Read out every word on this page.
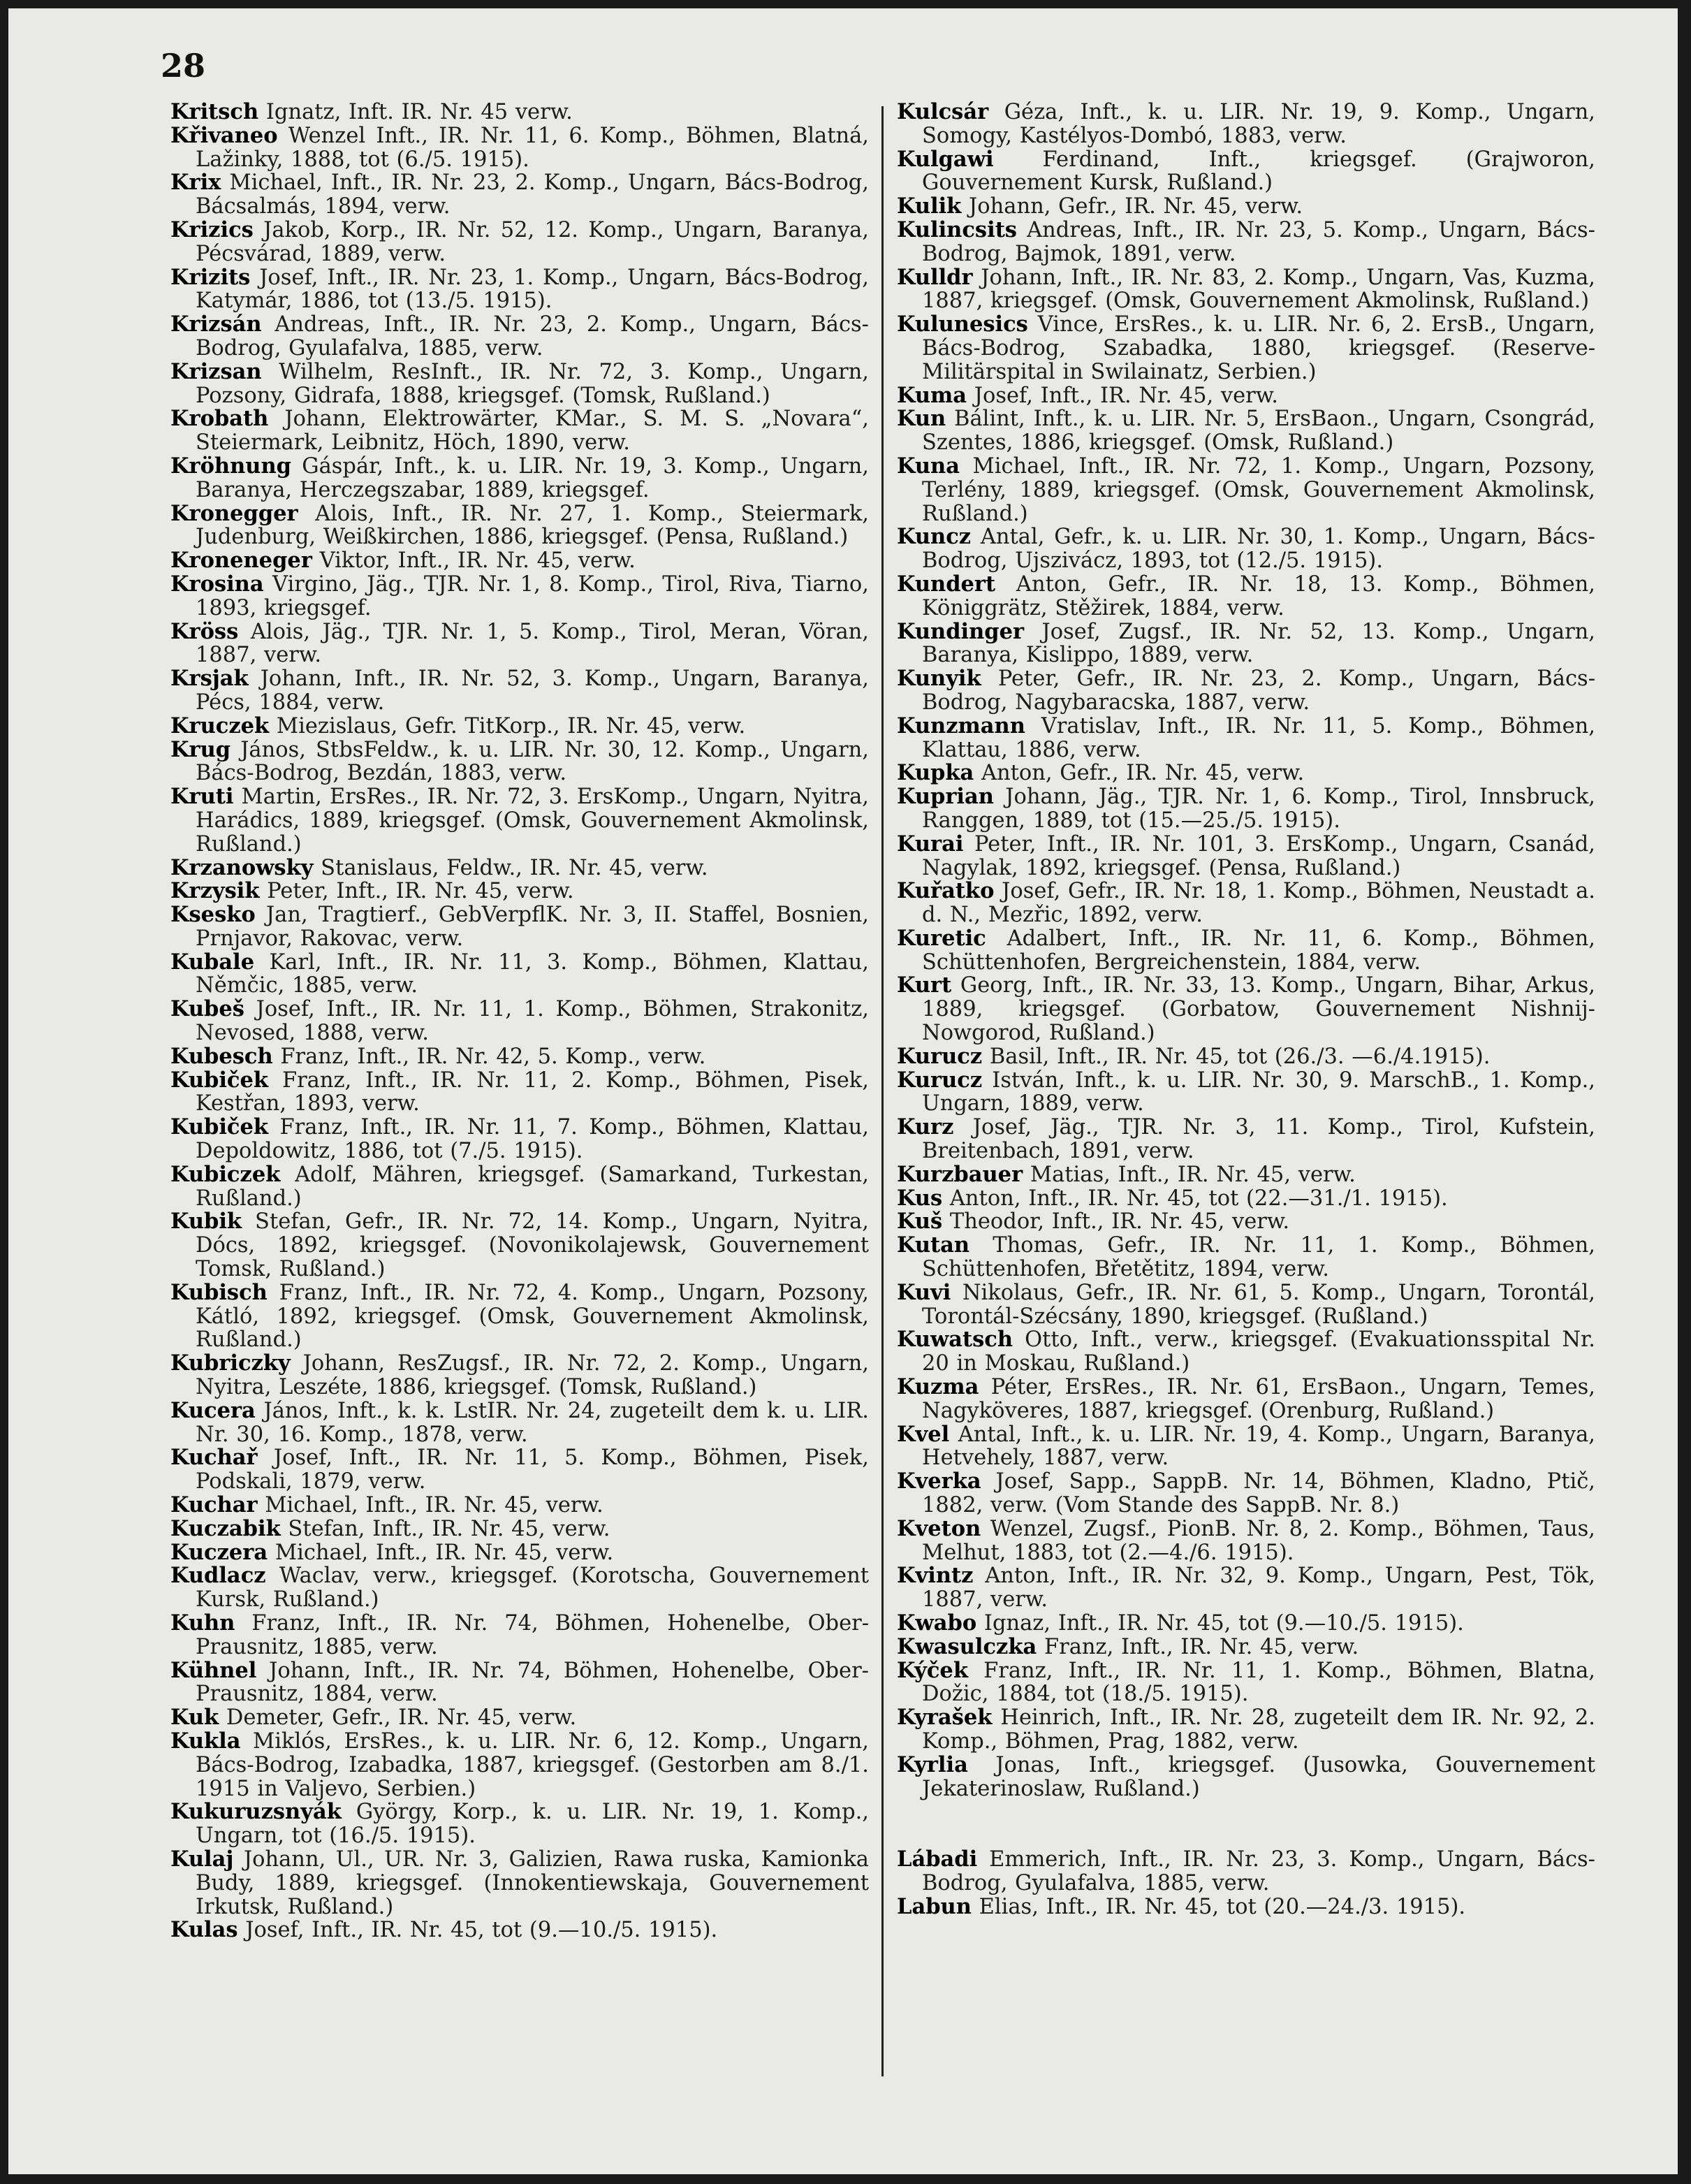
28
Kritsch Ignatz, Inft. IR. Nr. 45 verw.
Křivaneo Wenzel Inft., IR. Nr. 11, 6. Komp., Böhmen, Blatná, Lažinky, 1888, tot (6./5. 1915).
Krix Michael, Inft., IR. Nr. 23, 2. Komp., Ungarn, Bács-Bodrog, Bácsalmás, 1894, verw.
Krizics Jakob, Korp., IR. Nr. 52, 12. Komp., Ungarn, Baranya, Pécsvárad, 1889, verw.
Krizits Josef, Inft., IR. Nr. 23, 1. Komp., Ungarn, Bács-Bodrog, Katymár, 1886, tot (13./5. 1915).
Krizsán Andreas, Inft., IR. Nr. 23, 2. Komp., Ungarn, Bács-Bodrog, Gyulafalva, 1885, verw.
Krizsan Wilhelm, ResInft., IR. Nr. 72, 3. Komp., Ungarn, Pozsony, Gidrafa, 1888, kriegsgef. (Tomsk, Rußland.)
Krobath Johann, Elektrowärter, KMar., S. M. S. „Novara“, Steiermark, Leibnitz, Höch, 1890, verw.
Kröhnung Gáspár, Inft., k. u. LIR. Nr. 19, 3. Komp., Ungarn, Baranya, Herczegszabar, 1889, kriegsgef.
Kronegger Alois, Inft., IR. Nr. 27, 1. Komp., Steiermark, Judenburg, Weißkirchen, 1886, kriegsgef. (Pensa, Rußland.)
Kroneneger Viktor, Inft., IR. Nr. 45, verw.
Krosina Virgino, Jäg., TJR. Nr. 1, 8. Komp., Tirol, Riva, Tiarno, 1893, kriegsgef.
Kröss Alois, Jäg., TJR. Nr. 1, 5. Komp., Tirol, Meran, Vöran, 1887, verw.
Krsjak Johann, Inft., IR. Nr. 52, 3. Komp., Ungarn, Baranya, Pécs, 1884, verw.
Kruczek Miezislaus, Gefr. TitKorp., IR. Nr. 45, verw.
Krug János, StbsFeldw., k. u. LIR. Nr. 30, 12. Komp., Ungarn, Bács-Bodrog, Bezdán, 1883, verw.
Kruti Martin, ErsRes., IR. Nr. 72, 3. ErsKomp., Ungarn, Nyitra, Harádics, 1889, kriegsgef. (Omsk, Gouvernement Akmolinsk, Rußland.)
Krzanowsky Stanislaus, Feldw., IR. Nr. 45, verw.
Krzysik Peter, Inft., IR. Nr. 45, verw.
Ksesko Jan, Tragtierf., GebVerpflK. Nr. 3, II. Staffel, Bosnien, Prnjavor, Rakovac, verw.
Kubale Karl, Inft., IR. Nr. 11, 3. Komp., Böhmen, Klattau, Němčic, 1885, verw.
Kubeš Josef, Inft., IR. Nr. 11, 1. Komp., Böhmen, Strakonitz, Nevosed, 1888, verw.
Kubesch Franz, Inft., IR. Nr. 42, 5. Komp., verw.
Kubiček Franz, Inft., IR. Nr. 11, 2. Komp., Böhmen, Pisek, Kestřan, 1893, verw.
Kubiček Franz, Inft., IR. Nr. 11, 7. Komp., Böhmen, Klattau, Depoldowitz, 1886, tot (7./5. 1915).
Kubiczek Adolf, Mähren, kriegsgef. (Samarkand, Turkestan, Rußland.)
Kubik Stefan, Gefr., IR. Nr. 72, 14. Komp., Ungarn, Nyitra, Dócs, 1892, kriegsgef. (Novonikolajewsk, Gouvernement Tomsk, Rußland.)
Kubisch Franz, Inft., IR. Nr. 72, 4. Komp., Ungarn, Pozsony, Kátló, 1892, kriegsgef. (Omsk, Gouvernement Akmolinsk, Rußland.)
Kubriczky Johann, ResZugsf., IR. Nr. 72, 2. Komp., Ungarn, Nyitra, Leszéte, 1886, kriegsgef. (Tomsk, Rußland.)
Kucera János, Inft., k. k. LstIR. Nr. 24, zugeteilt dem k. u. LIR. Nr. 30, 16. Komp., 1878, verw.
Kuchař Josef, Inft., IR. Nr. 11, 5. Komp., Böhmen, Pisek, Podskali, 1879, verw.
Kuchar Michael, Inft., IR. Nr. 45, verw.
Kuczabik Stefan, Inft., IR. Nr. 45, verw.
Kuczera Michael, Inft., IR. Nr. 45, verw.
Kudlacz Waclav, verw., kriegsgef. (Korotscha, Gouvernement Kursk, Rußland.)
Kuhn Franz, Inft., IR. Nr. 74, Böhmen, Hohenelbe, Ober-Prausnitz, 1885, verw.
Kühnel Johann, Inft., IR. Nr. 74, Böhmen, Hohenelbe, Ober-Prausnitz, 1884, verw.
Kuk Demeter, Gefr., IR. Nr. 45, verw.
Kukla Miklós, ErsRes., k. u. LIR. Nr. 6, 12. Komp., Ungarn, Bács-Bodrog, Izabadka, 1887, kriegsgef. (Gestorben am 8./1. 1915 in Valjevo, Serbien.)
Kukuruzsnyák György, Korp., k. u. LIR. Nr. 19, 1. Komp., Ungarn, tot (16./5. 1915).
Kulaj Johann, Ul., UR. Nr. 3, Galizien, Rawa ruska, Kamionka Budy, 1889, kriegsgef. (Innokentiewskaja, Gouvernement Irkutsk, Rußland.)
Kulas Josef, Inft., IR. Nr. 45, tot (9.—10./5. 1915).
Kulcsár Géza, Inft., k. u. LIR. Nr. 19, 9. Komp., Ungarn, Somogy, Kastélyos-Dombó, 1883, verw.
Kulgawi Ferdinand, Inft., kriegsgef. (Grajworon, Gouvernement Kursk, Rußland.)
Kulik Johann, Gefr., IR. Nr. 45, verw.
Kulincsits Andreas, Inft., IR. Nr. 23, 5. Komp., Ungarn, Bács-Bodrog, Bajmok, 1891, verw.
Kulldr Johann, Inft., IR. Nr. 83, 2. Komp., Ungarn, Vas, Kuzma, 1887, kriegsgef. (Omsk, Gouvernement Akmolinsk, Rußland.)
Kulunesics Vince, ErsRes., k. u. LIR. Nr. 6, 2. ErsB., Ungarn, Bács-Bodrog, Szabadka, 1880, kriegsgef. (Reserve-Militärspital in Swilainatz, Serbien.)
Kuma Josef, Inft., IR. Nr. 45, verw.
Kun Bálint, Inft., k. u. LIR. Nr. 5, ErsBaon., Ungarn, Csongrád, Szentes, 1886, kriegsgef. (Omsk, Rußland.)
Kuna Michael, Inft., IR. Nr. 72, 1. Komp., Ungarn, Pozsony, Terlény, 1889, kriegsgef. (Omsk, Gouvernement Akmolinsk, Rußland.)
Kuncz Antal, Gefr., k. u. LIR. Nr. 30, 1. Komp., Ungarn, Bács-Bodrog, Ujszivácz, 1893, tot (12./5. 1915).
Kundert Anton, Gefr., IR. Nr. 18, 13. Komp., Böhmen, Königgrätz, Stěžirek, 1884, verw.
Kundinger Josef, Zugsf., IR. Nr. 52, 13. Komp., Ungarn, Baranya, Kislippo, 1889, verw.
Kunyik Peter, Gefr., IR. Nr. 23, 2. Komp., Ungarn, Bács-Bodrog, Nagybaracska, 1887, verw.
Kunzmann Vratislav, Inft., IR. Nr. 11, 5. Komp., Böhmen, Klattau, 1886, verw.
Kupka Anton, Gefr., IR. Nr. 45, verw.
Kuprian Johann, Jäg., TJR. Nr. 1, 6. Komp., Tirol, Innsbruck, Ranggen, 1889, tot (15.—25./5. 1915).
Kurai Peter, Inft., IR. Nr. 101, 3. ErsKomp., Ungarn, Csanád, Nagylak, 1892, kriegsgef. (Pensa, Rußland.)
Kuřatko Josef, Gefr., IR. Nr. 18, 1. Komp., Böhmen, Neustadt a. d. N., Mezřic, 1892, verw.
Kuretic Adalbert, Inft., IR. Nr. 11, 6. Komp., Böhmen, Schüttenhofen, Bergreichenstein, 1884, verw.
Kurt Georg, Inft., IR. Nr. 33, 13. Komp., Ungarn, Bihar, Arkus, 1889, kriegsgef. (Gorbatow, Gouvernement Nishnij-Nowgorod, Rußland.)
Kurucz Basil, Inft., IR. Nr. 45, tot (26./3. —6./4.1915).
Kurucz István, Inft., k. u. LIR. Nr. 30, 9. MarschB., 1. Komp., Ungarn, 1889, verw.
Kurz Josef, Jäg., TJR. Nr. 3, 11. Komp., Tirol, Kufstein, Breitenbach, 1891, verw.
Kurzbauer Matias, Inft., IR. Nr. 45, verw.
Kus Anton, Inft., IR. Nr. 45, tot (22.—31./1. 1915).
Kuš Theodor, Inft., IR. Nr. 45, verw.
Kutan Thomas, Gefr., IR. Nr. 11, 1. Komp., Böhmen, Schüttenhofen, Břetětitz, 1894, verw.
Kuvi Nikolaus, Gefr., IR. Nr. 61, 5. Komp., Ungarn, Torontál, Torontál-Szécsány, 1890, kriegsgef. (Rußland.)
Kuwatsch Otto, Inft., verw., kriegsgef. (Evakuationsspital Nr. 20 in Moskau, Rußland.)
Kuzma Péter, ErsRes., IR. Nr. 61, ErsBaon., Ungarn, Temes, Nagyköveres, 1887, kriegsgef. (Orenburg, Rußland.)
Kvel Antal, Inft., k. u. LIR. Nr. 19, 4. Komp., Ungarn, Baranya, Hetvehely, 1887, verw.
Kverka Josef, Sapp., SappB. Nr. 14, Böhmen, Kladno, Ptič, 1882, verw. (Vom Stande des SappB. Nr. 8.)
Kveton Wenzel, Zugsf., PionB. Nr. 8, 2. Komp., Böhmen, Taus, Melhut, 1883, tot (2.—4./6. 1915).
Kvintz Anton, Inft., IR. Nr. 32, 9. Komp., Ungarn, Pest, Tök, 1887, verw.
Kwabo Ignaz, Inft., IR. Nr. 45, tot (9.—10./5. 1915).
Kwasulczka Franz, Inft., IR. Nr. 45, verw.
Kýček Franz, Inft., IR. Nr. 11, 1. Komp., Böhmen, Blatna, Dožic, 1884, tot (18./5. 1915).
Kyrašek Heinrich, Inft., IR. Nr. 28, zugeteilt dem IR. Nr. 92, 2. Komp., Böhmen, Prag, 1882, verw.
Kyrlia Jonas, Inft., kriegsgef. (Jusowka, Gouvernement Jekaterinoslaw, Rußland.)
Lábadi Emmerich, Inft., IR. Nr. 23, 3. Komp., Ungarn, Bács-Bodrog, Gyulafalva, 1885, verw.
Labun Elias, Inft., IR. Nr. 45, tot (20.—24./3. 1915).
